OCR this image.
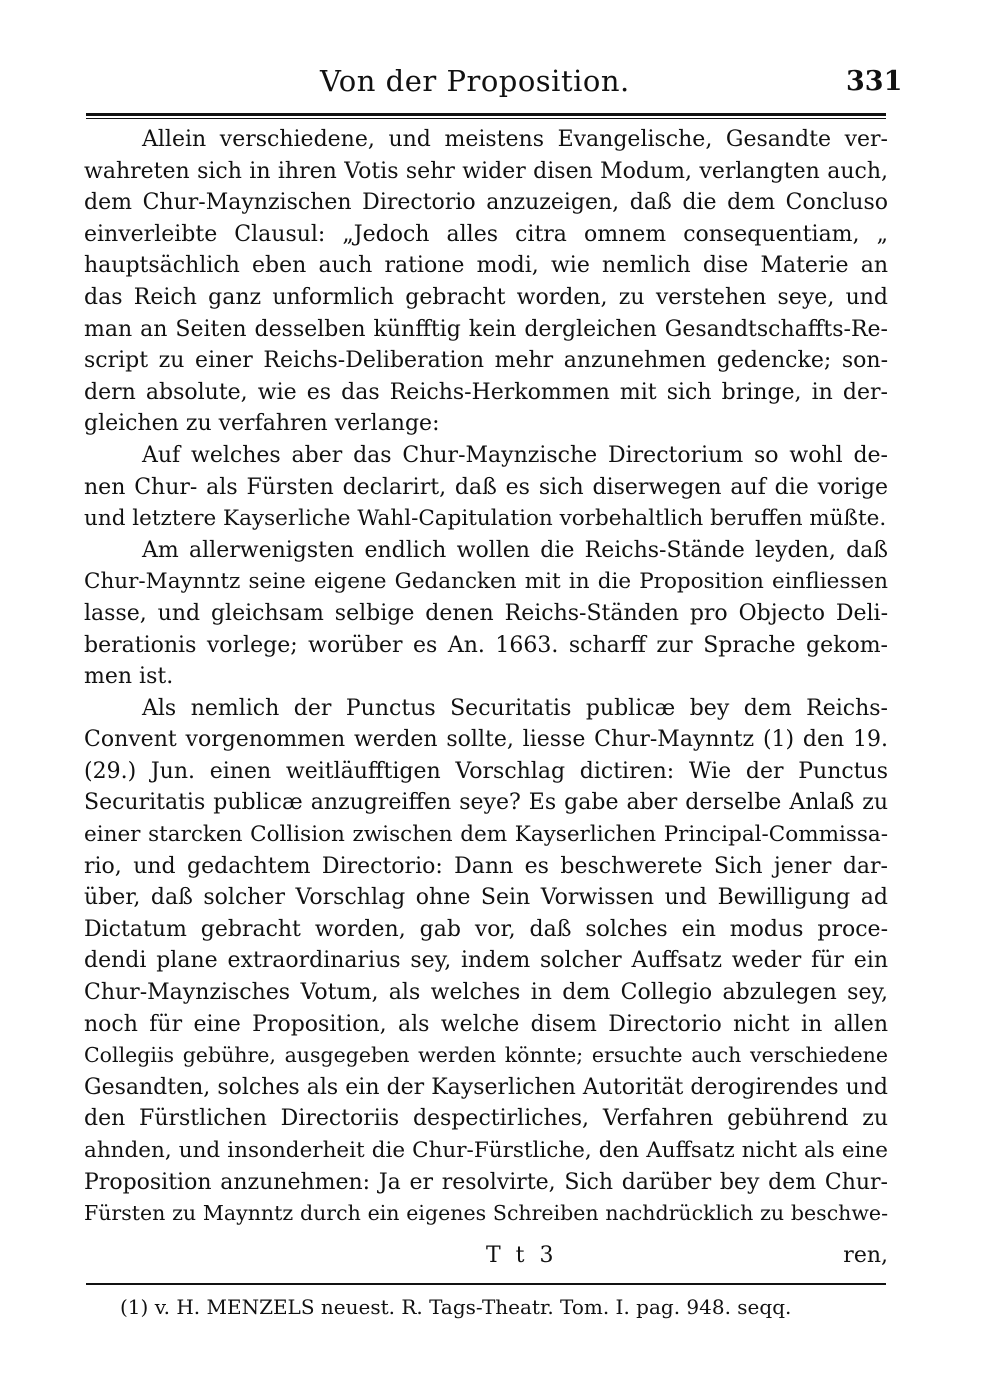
Von der Proposition.	331
Allein verschiedene, und meistens Evangelische, Gesandte ver-
wahreten sich in ihren Votis sehr wider disen Modum, verlangten auch,
dem Chur-Maynzischen Directorio anzuzeigen, daß die dem Concluso
einverleibte Clausul: „Jedoch alles citra omnem consequentiam, „
hauptsächlich eben auch ratione modi, wie nemlich dise Materie an
das Reich ganz unformlich gebracht worden, zu verstehen seye, und
man an Seiten desselben künfftig kein dergleichen Gesandtschaffts-Re-
script zu einer Reichs-Deliberation mehr anzunehmen gedencke; son-
dern absolute, wie es das Reichs-Herkommen mit sich bringe, in der-
gleichen zu verfahren verlange:
Auf welches aber das Chur-Maynzische Directorium so wohl de-
nen Chur- als Fürsten declarirt, daß es sich diserwegen auf die vorige
und letztere Kayserliche Wahl-Capitulation vorbehaltlich beruffen müßte.
Am allerwenigsten endlich wollen die Reichs-Stände leyden, daß
Chur-Maynntz seine eigene Gedancken mit in die Proposition einfliessen
lasse, und gleichsam selbige denen Reichs-Ständen pro Objecto Deli-
berationis vorlege; worüber es An. 1663. scharff zur Sprache gekom-
men ist.
Als nemlich der Punctus Securitatis publicæ bey dem Reichs-
Convent vorgenommen werden sollte, liesse Chur-Maynntz (1) den 19.
(29.) Jun. einen weitläufftigen Vorschlag dictiren: Wie der Punctus
Securitatis publicæ anzugreiffen seye? Es gabe aber derselbe Anlaß zu
einer starcken Collision zwischen dem Kayserlichen Principal-Commissa-
rio, und gedachtem Directorio: Dann es beschwerete Sich jener dar-
über, daß solcher Vorschlag ohne Sein Vorwissen und Bewilligung ad
Dictatum gebracht worden, gab vor, daß solches ein modus proce-
dendi plane extraordinarius sey, indem solcher Auffsatz weder für ein
Chur-Maynzisches Votum, als welches in dem Collegio abzulegen sey,
noch für eine Proposition, als welche disem Directorio nicht in allen
Collegiis gebühre, ausgegeben werden könnte; ersuchte auch verschiedene
Gesandten, solches als ein der Kayserlichen Autorität derogirendes und
den Fürstlichen Directoriis despectirliches, Verfahren gebührend zu
ahnden, und insonderheit die Chur-Fürstliche, den Auffsatz nicht als eine
Proposition anzunehmen: Ja er resolvirte, Sich darüber bey dem Chur-
Fürsten zu Maynntz durch ein eigenes Schreiben nachdrücklich zu beschwe-
T t 3	ren,
(1) v. H. MENZELS neuest. R. Tags-Theatr. Tom. I. pag. 948. seqq.
